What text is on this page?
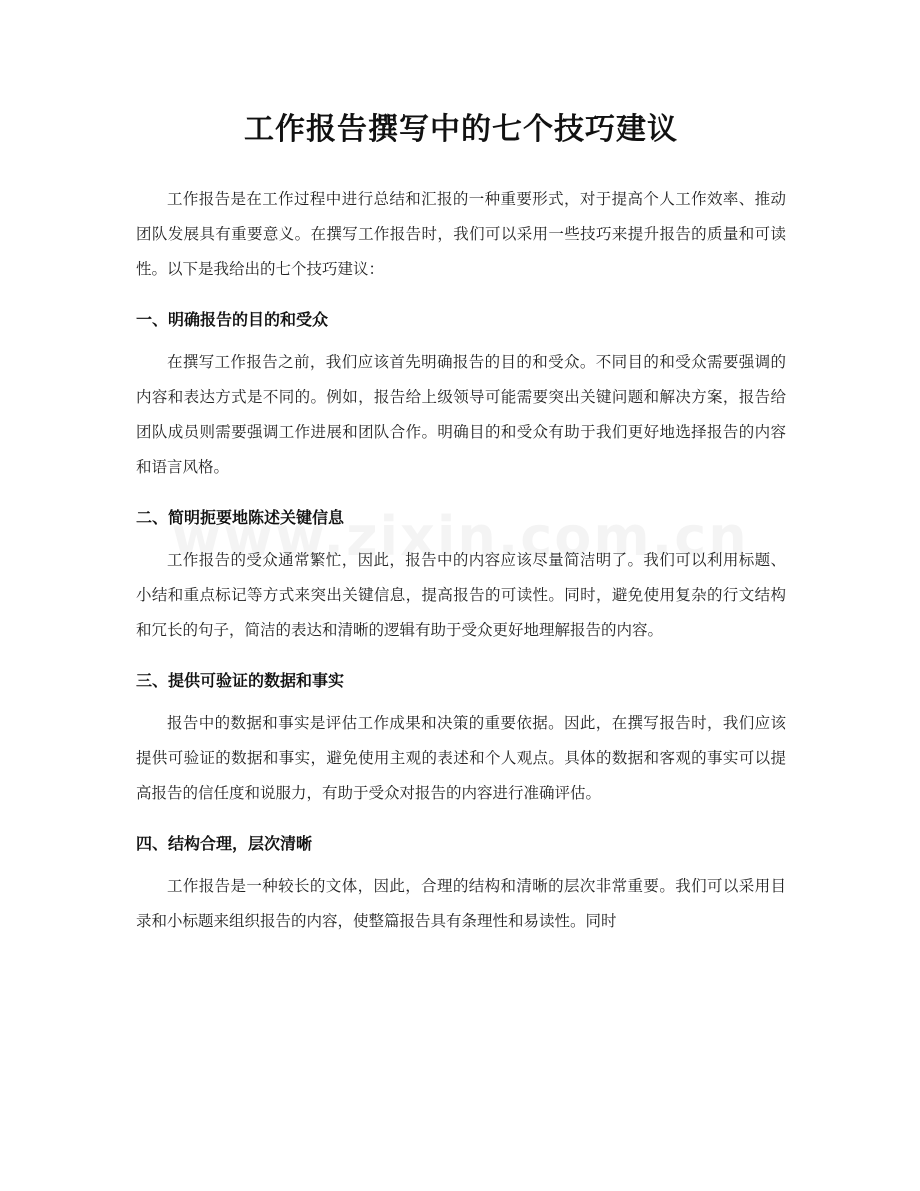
工作报告撰写中的七个技巧建议

工作报告是在工作过程中进行总结和汇报的一种重要形式，对于提高个人工作效率、推动团队发展具有重要意义。在撰写工作报告时，我们可以采用一些技巧来提升报告的质量和可读性。以下是我给出的七个技巧建议：

一、明确报告的目的和受众

在撰写工作报告之前，我们应该首先明确报告的目的和受众。不同目的和受众需要强调的内容和表达方式是不同的。例如，报告给上级领导可能需要突出关键问题和解决方案，报告给团队成员则需要强调工作进展和团队合作。明确目的和受众有助于我们更好地选择报告的内容和语言风格。

二、简明扼要地陈述关键信息

工作报告的受众通常繁忙，因此，报告中的内容应该尽量简洁明了。我们可以利用标题、小结和重点标记等方式来突出关键信息，提高报告的可读性。同时，避免使用复杂的行文结构和冗长的句子，简洁的表达和清晰的逻辑有助于受众更好地理解报告的内容。

三、提供可验证的数据和事实

报告中的数据和事实是评估工作成果和决策的重要依据。因此，在撰写报告时，我们应该提供可验证的数据和事实，避免使用主观的表述和个人观点。具体的数据和客观的事实可以提高报告的信任度和说服力，有助于受众对报告的内容进行准确评估。

四、结构合理，层次清晰

工作报告是一种较长的文体，因此，合理的结构和清晰的层次非常重要。我们可以采用目录和小标题来组织报告的内容，使整篇报告具有条理性和易读性。同时
